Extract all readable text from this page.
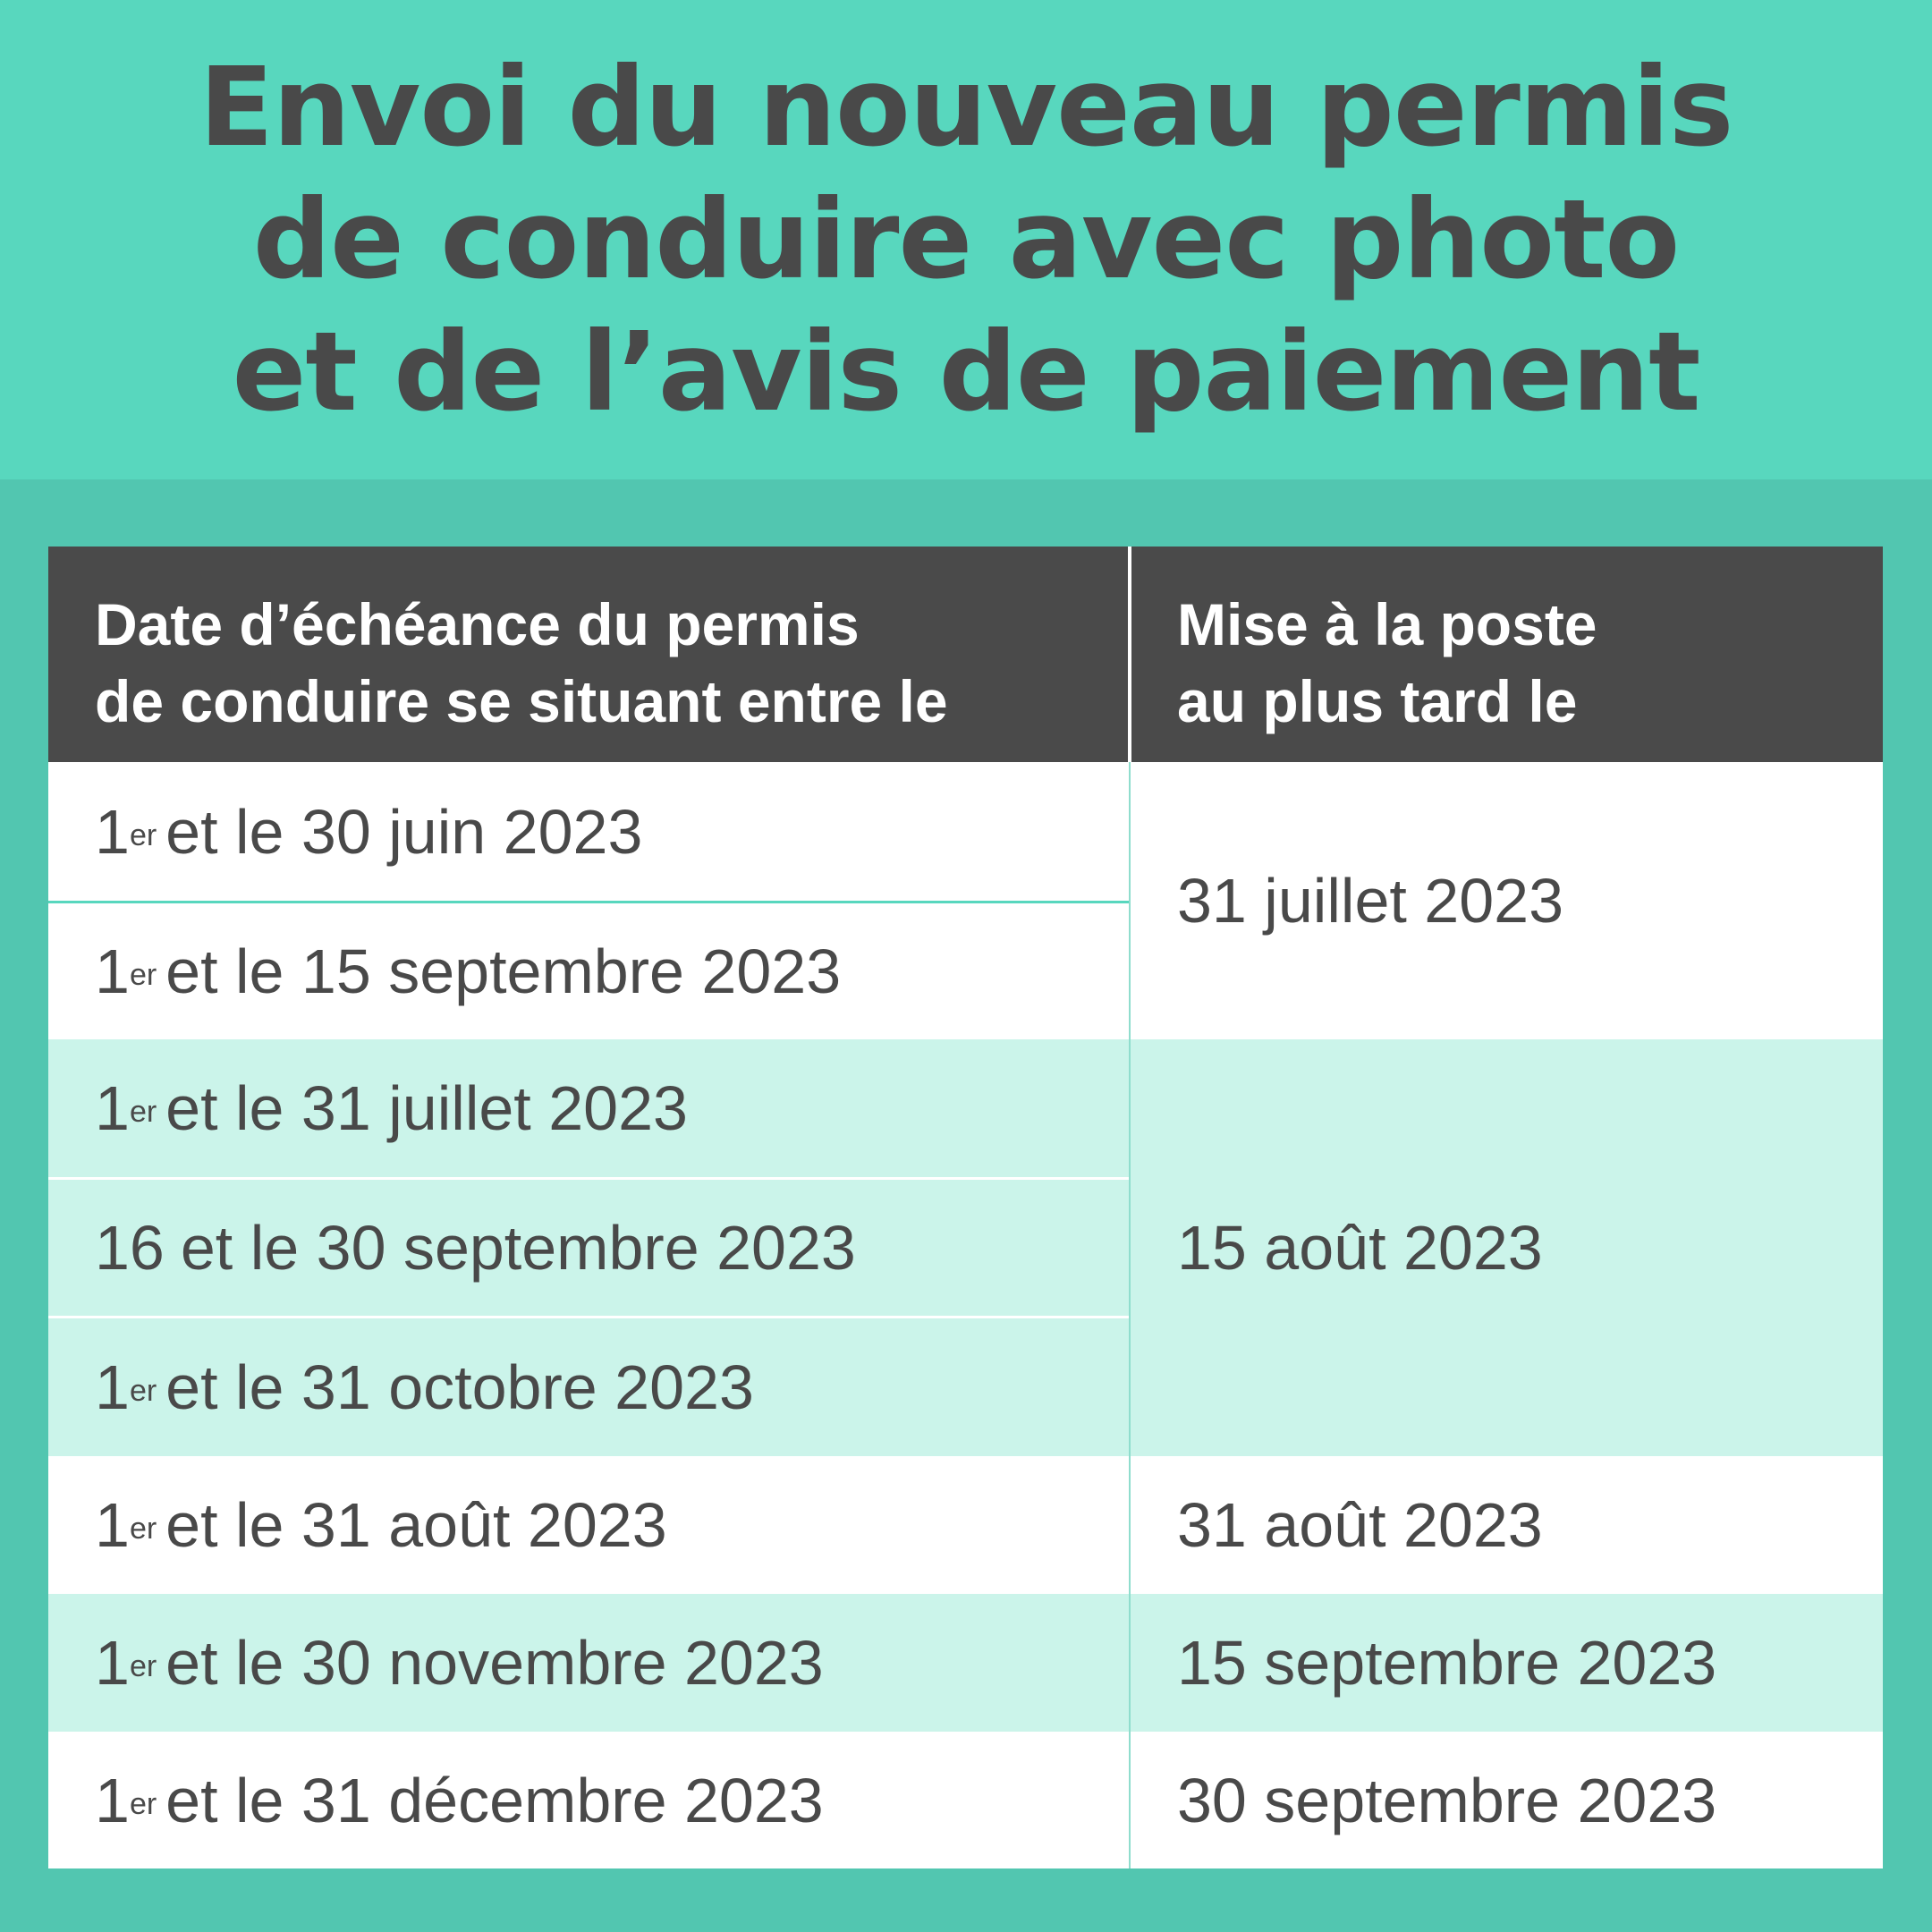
Envoi du nouveau permis
de conduire avec photo
et de l’avis de paiement
Date d’échéance du permis
de conduire se situant entre le
Mise à la poste
au plus tard le
1er et le 30 juin 2023
1er et le 15 septembre 2023
1er et le 31 juillet 2023
16 et le 30 septembre 2023
1er et le 31 octobre 2023
1er et le 31 août 2023
1er et le 30 novembre 2023
1er et le 31 décembre 2023
31 juillet 2023
15 août 2023
31 août 2023
15 septembre 2023
30 septembre 2023
